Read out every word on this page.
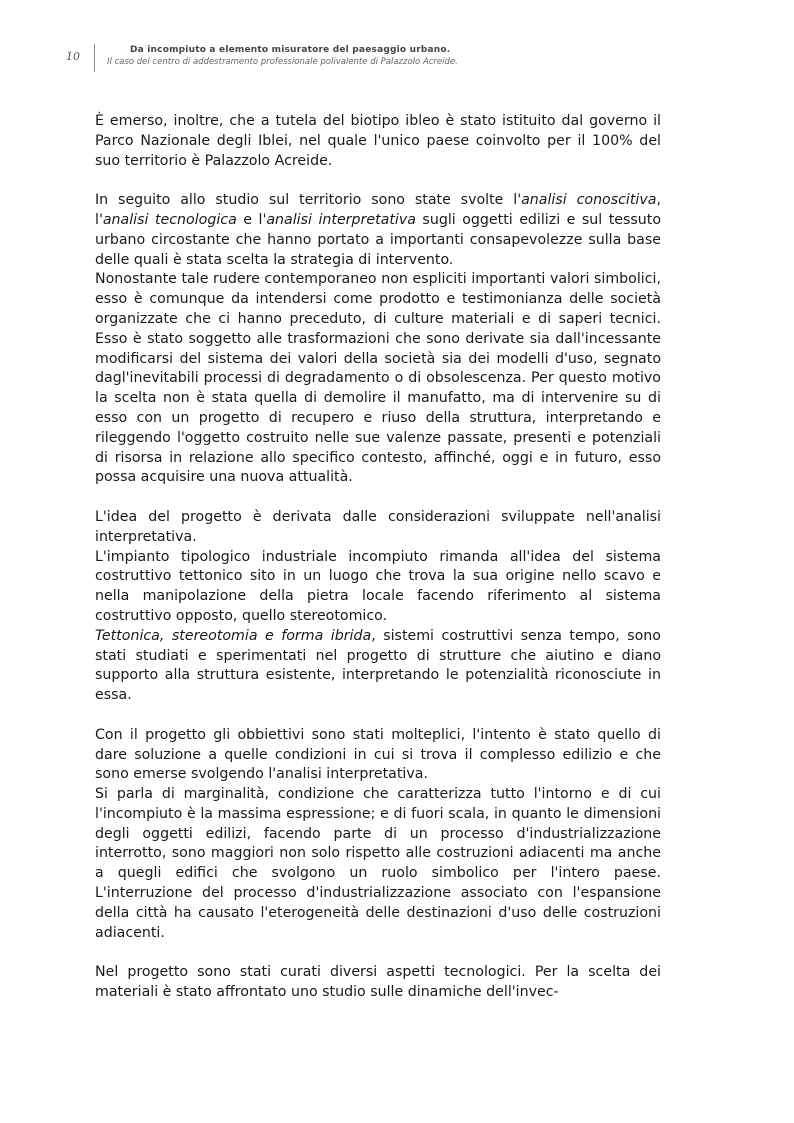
10	Da incompiuto a elemento misuratore del paesaggio urbano.
Il caso del centro di addestramento professionale polivalente di Palazzolo Acreide.

È emerso, inoltre, che a tutela del biotipo ibleo è stato istituito dal governo il Parco Nazionale degli Iblei, nel quale l'unico paese coinvolto per il 100% del suo territorio è Palazzolo Acreide.

In seguito allo studio sul territorio sono state svolte l'analisi conoscitiva, l'analisi tecnologica e l'analisi interpretativa sugli oggetti edilizi e sul tessuto urbano circostante che hanno portato a importanti consapevolezze sulla base delle quali è stata scelta la strategia di intervento.

Nonostante tale rudere contemporaneo non espliciti importanti valori simbolici, esso è comunque da intendersi come prodotto e testimonianza delle società organizzate che ci hanno preceduto, di culture materiali e di saperi tecnici. Esso è stato soggetto alle trasformazioni che sono derivate sia dall'incessante modificarsi del sistema dei valori della società sia dei modelli d'uso, segnato dagl'inevitabili processi di degradamento o di obsolescenza. Per questo motivo la scelta non è stata quella di demolire il manufatto, ma di intervenire su di esso con un progetto di recupero e riuso della struttura, interpretando e rileggendo l'oggetto costruito nelle sue valenze passate, presenti e potenziali di risorsa in relazione allo specifico contesto, affinché, oggi e in futuro, esso possa acquisire una nuova attualità.

L'idea del progetto è derivata dalle considerazioni sviluppate nell'analisi interpretativa.

L'impianto tipologico industriale incompiuto rimanda all'idea del sistema costruttivo tettonico sito in un luogo che trova la sua origine nello scavo e nella manipolazione della pietra locale facendo riferimento al sistema costruttivo opposto, quello stereotomico.

Tettonica, stereotomia e forma ibrida, sistemi costruttivi senza tempo, sono stati studiati e sperimentati nel progetto di strutture che aiutino e diano supporto alla struttura esistente, interpretando le potenzialità riconosciute in essa.

Con il progetto gli obbiettivi sono stati molteplici, l'intento è stato quello di dare soluzione a quelle condizioni in cui si trova il complesso edilizio e che sono emerse svolgendo l'analisi interpretativa.

Si parla di marginalità, condizione che caratterizza tutto l'intorno e di cui l'incompiuto è la massima espressione; e di fuori scala, in quanto le dimensioni degli oggetti edilizi, facendo parte di un processo d'industrializzazione interrotto, sono maggiori non solo rispetto alle costruzioni adiacenti ma anche a quegli edifici che svolgono un ruolo simbolico per l'intero paese. L'interruzione del processo d'industrializzazione associato con l'espansione della città ha causato l'eterogeneità delle destinazioni d'uso delle costruzioni adiacenti.

Nel progetto sono stati curati diversi aspetti tecnologici. Per la scelta dei materiali è stato affrontato uno studio sulle dinamiche dell'invec-
